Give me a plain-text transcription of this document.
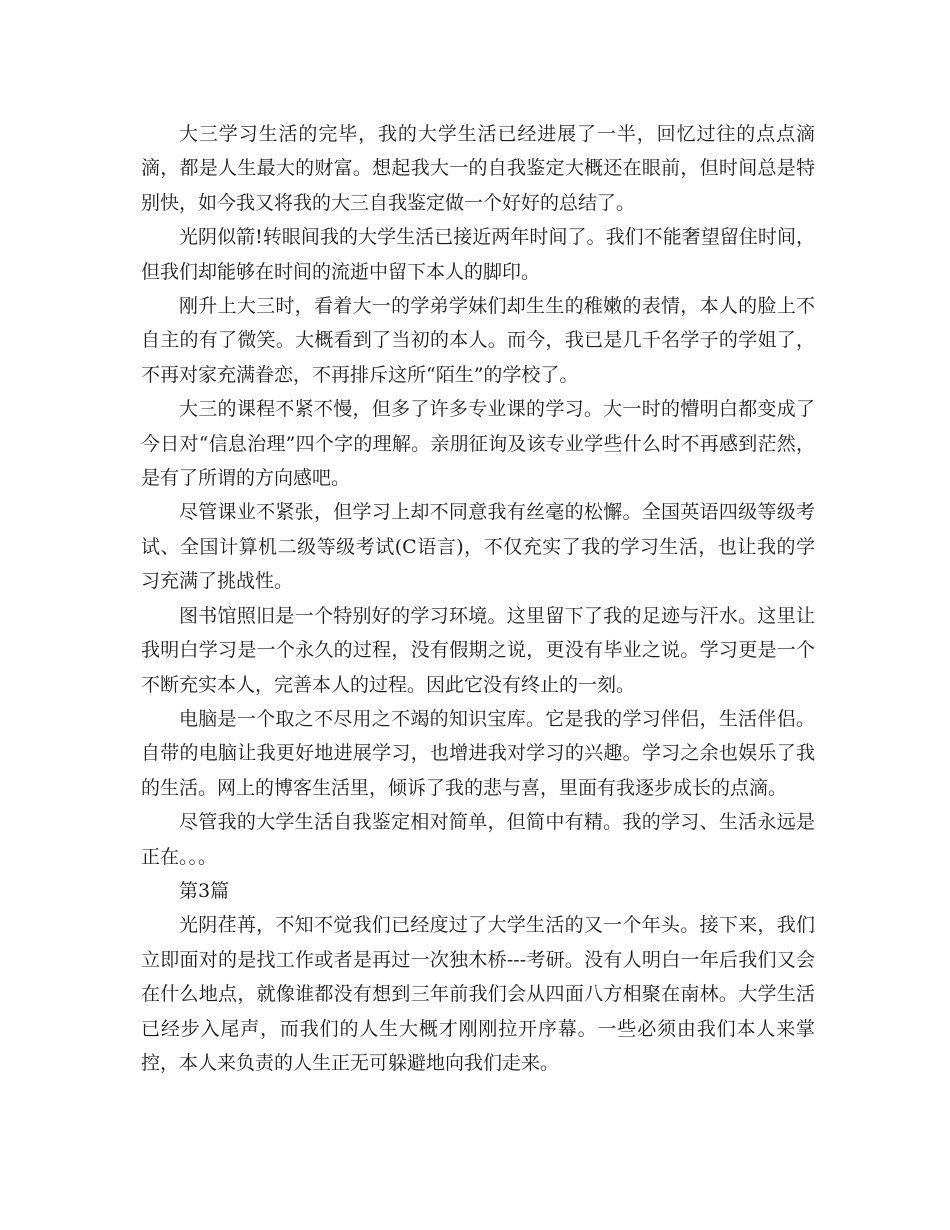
大三学习生活的完毕，我的大学生活已经进展了一半，回忆过往的点点滴滴，都是人生最大的财富。想起我大一的自我鉴定大概还在眼前，但时间总是特别快，如今我又将我的大三自我鉴定做一个好好的总结了。

光阴似箭!转眼间我的大学生活已接近两年时间了。我们不能奢望留住时间，但我们却能够在时间的流逝中留下本人的脚印。

刚升上大三时，看着大一的学弟学妹们却生生的稚嫩的表情，本人的脸上不自主的有了微笑。大概看到了当初的本人。而今，我已是几千名学子的学姐了，不再对家充满眷恋，不再排斥这所“陌生”的学校了。

大三的课程不紧不慢，但多了许多专业课的学习。大一时的懵明白都变成了今日对“信息治理”四个字的理解。亲朋征询及该专业学些什么时不再感到茫然，是有了所谓的方向感吧。

尽管课业不紧张，但学习上却不同意我有丝毫的松懈。全国英语四级等级考试、全国计算机二级等级考试(C语言)，不仅充实了我的学习生活，也让我的学习充满了挑战性。

图书馆照旧是一个特别好的学习环境。这里留下了我的足迹与汗水。这里让我明白学习是一个永久的过程，没有假期之说，更没有毕业之说。学习更是一个不断充实本人，完善本人的过程。因此它没有终止的一刻。

电脑是一个取之不尽用之不竭的知识宝库。它是我的学习伴侣，生活伴侣。自带的电脑让我更好地进展学习，也增进我对学习的兴趣。学习之余也娱乐了我的生活。网上的博客生活里，倾诉了我的悲与喜，里面有我逐步成长的点滴。

尽管我的大学生活自我鉴定相对简单，但简中有精。我的学习、生活永远是正在。。。

第3篇

光阴荏苒，不知不觉我们已经度过了大学生活的又一个年头。接下来，我们立即面对的是找工作或者是再过一次独木桥---考研。没有人明白一年后我们又会在什么地点，就像谁都没有想到三年前我们会从四面八方相聚在南林。大学生活已经步入尾声，而我们的人生大概才刚刚拉开序幕。一些必须由我们本人来掌控，本人来负责的人生正无可躲避地向我们走来。
